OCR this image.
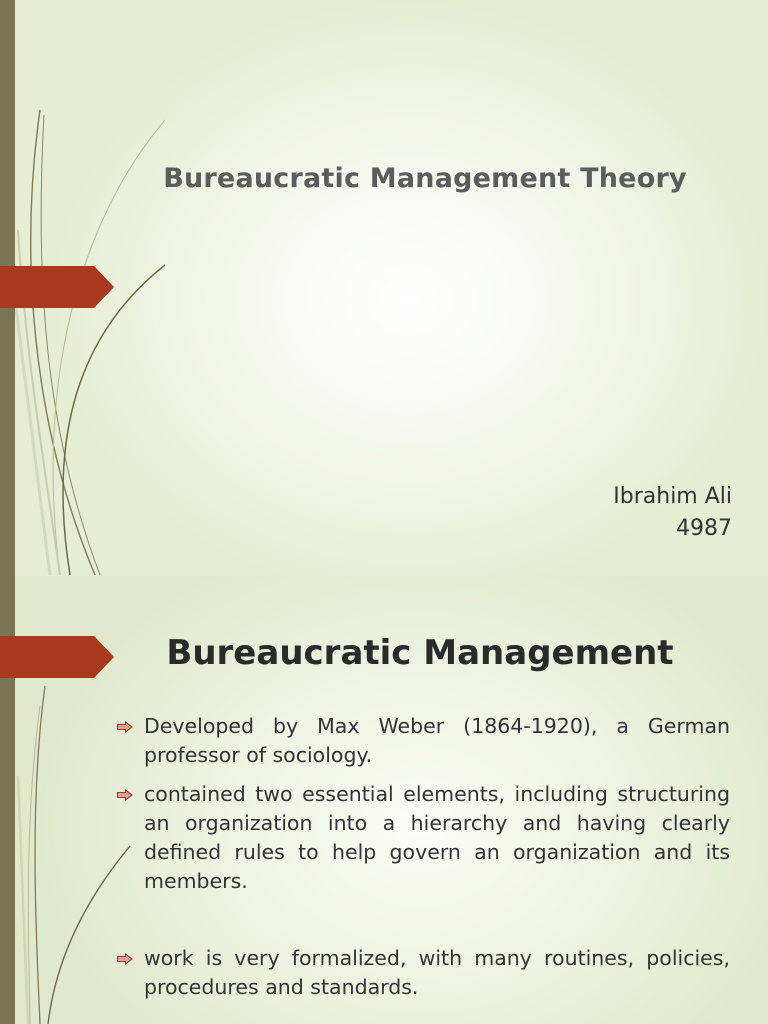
Bureaucratic Management Theory
Ibrahim Ali
4987
Bureaucratic Management
Developed by Max Weber (1864-1920), a German professor of sociology.
contained two essential elements, including structuring an organization into a hierarchy and having clearly defined rules to help govern an organization and its members.
work is very formalized, with many routines, policies, procedures and standards.
